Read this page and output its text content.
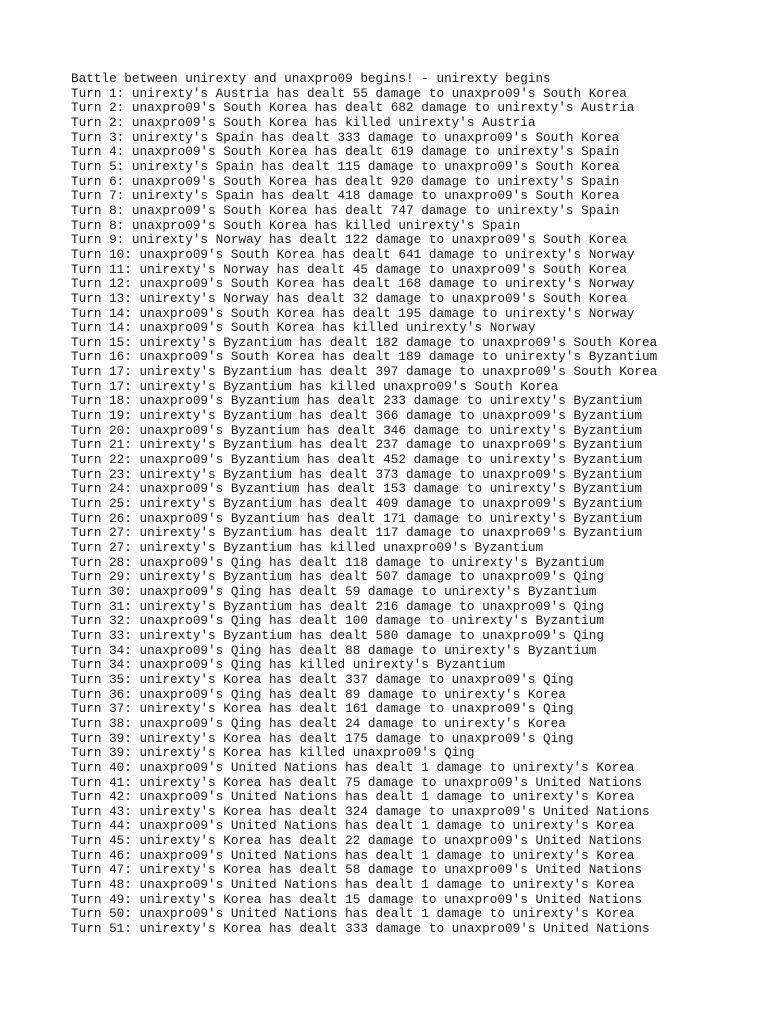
Battle between unirexty and unaxpro09 begins! - unirexty begins
Turn 1: unirexty's Austria has dealt 55 damage to unaxpro09's South Korea
Turn 2: unaxpro09's South Korea has dealt 682 damage to unirexty's Austria
Turn 2: unaxpro09's South Korea has killed unirexty's Austria
Turn 3: unirexty's Spain has dealt 333 damage to unaxpro09's South Korea
Turn 4: unaxpro09's South Korea has dealt 619 damage to unirexty's Spain
Turn 5: unirexty's Spain has dealt 115 damage to unaxpro09's South Korea
Turn 6: unaxpro09's South Korea has dealt 920 damage to unirexty's Spain
Turn 7: unirexty's Spain has dealt 418 damage to unaxpro09's South Korea
Turn 8: unaxpro09's South Korea has dealt 747 damage to unirexty's Spain
Turn 8: unaxpro09's South Korea has killed unirexty's Spain
Turn 9: unirexty's Norway has dealt 122 damage to unaxpro09's South Korea
Turn 10: unaxpro09's South Korea has dealt 641 damage to unirexty's Norway
Turn 11: unirexty's Norway has dealt 45 damage to unaxpro09's South Korea
Turn 12: unaxpro09's South Korea has dealt 168 damage to unirexty's Norway
Turn 13: unirexty's Norway has dealt 32 damage to unaxpro09's South Korea
Turn 14: unaxpro09's South Korea has dealt 195 damage to unirexty's Norway
Turn 14: unaxpro09's South Korea has killed unirexty's Norway
Turn 15: unirexty's Byzantium has dealt 182 damage to unaxpro09's South Korea
Turn 16: unaxpro09's South Korea has dealt 189 damage to unirexty's Byzantium
Turn 17: unirexty's Byzantium has dealt 397 damage to unaxpro09's South Korea
Turn 17: unirexty's Byzantium has killed unaxpro09's South Korea
Turn 18: unaxpro09's Byzantium has dealt 233 damage to unirexty's Byzantium
Turn 19: unirexty's Byzantium has dealt 366 damage to unaxpro09's Byzantium
Turn 20: unaxpro09's Byzantium has dealt 346 damage to unirexty's Byzantium
Turn 21: unirexty's Byzantium has dealt 237 damage to unaxpro09's Byzantium
Turn 22: unaxpro09's Byzantium has dealt 452 damage to unirexty's Byzantium
Turn 23: unirexty's Byzantium has dealt 373 damage to unaxpro09's Byzantium
Turn 24: unaxpro09's Byzantium has dealt 153 damage to unirexty's Byzantium
Turn 25: unirexty's Byzantium has dealt 409 damage to unaxpro09's Byzantium
Turn 26: unaxpro09's Byzantium has dealt 171 damage to unirexty's Byzantium
Turn 27: unirexty's Byzantium has dealt 117 damage to unaxpro09's Byzantium
Turn 27: unirexty's Byzantium has killed unaxpro09's Byzantium
Turn 28: unaxpro09's Qing has dealt 118 damage to unirexty's Byzantium
Turn 29: unirexty's Byzantium has dealt 507 damage to unaxpro09's Qing
Turn 30: unaxpro09's Qing has dealt 59 damage to unirexty's Byzantium
Turn 31: unirexty's Byzantium has dealt 216 damage to unaxpro09's Qing
Turn 32: unaxpro09's Qing has dealt 100 damage to unirexty's Byzantium
Turn 33: unirexty's Byzantium has dealt 580 damage to unaxpro09's Qing
Turn 34: unaxpro09's Qing has dealt 88 damage to unirexty's Byzantium
Turn 34: unaxpro09's Qing has killed unirexty's Byzantium
Turn 35: unirexty's Korea has dealt 337 damage to unaxpro09's Qing
Turn 36: unaxpro09's Qing has dealt 89 damage to unirexty's Korea
Turn 37: unirexty's Korea has dealt 161 damage to unaxpro09's Qing
Turn 38: unaxpro09's Qing has dealt 24 damage to unirexty's Korea
Turn 39: unirexty's Korea has dealt 175 damage to unaxpro09's Qing
Turn 39: unirexty's Korea has killed unaxpro09's Qing
Turn 40: unaxpro09's United Nations has dealt 1 damage to unirexty's Korea
Turn 41: unirexty's Korea has dealt 75 damage to unaxpro09's United Nations
Turn 42: unaxpro09's United Nations has dealt 1 damage to unirexty's Korea
Turn 43: unirexty's Korea has dealt 324 damage to unaxpro09's United Nations
Turn 44: unaxpro09's United Nations has dealt 1 damage to unirexty's Korea
Turn 45: unirexty's Korea has dealt 22 damage to unaxpro09's United Nations
Turn 46: unaxpro09's United Nations has dealt 1 damage to unirexty's Korea
Turn 47: unirexty's Korea has dealt 58 damage to unaxpro09's United Nations
Turn 48: unaxpro09's United Nations has dealt 1 damage to unirexty's Korea
Turn 49: unirexty's Korea has dealt 15 damage to unaxpro09's United Nations
Turn 50: unaxpro09's United Nations has dealt 1 damage to unirexty's Korea
Turn 51: unirexty's Korea has dealt 333 damage to unaxpro09's United Nations
